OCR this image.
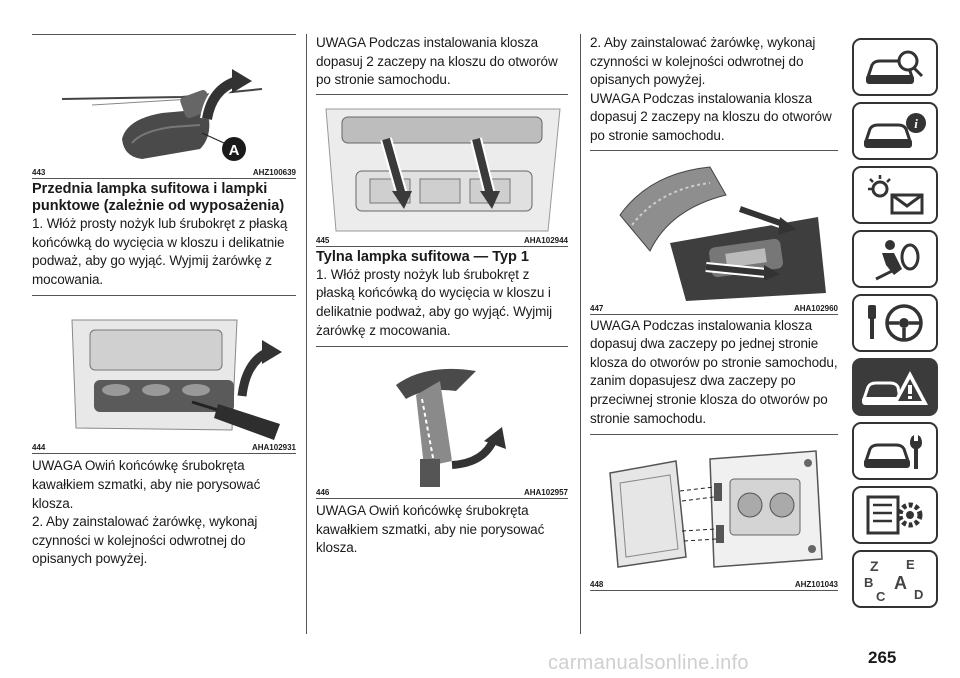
A
443	AHZ100639
Przednia lampka sufitowa i lampki punktowe (zależnie od wyposażenia)
1. Włóż prosty nożyk lub śrubokręt z płaską końcówką do wycięcia w kloszu i delikatnie podważ, aby go wyjąć. Wyjmij żarówkę z mocowania.
444	AHA102931
UWAGA Owiń końcówkę śrubokręta kawałkiem szmatki, aby nie porysować klosza.
2. Aby zainstalować żarówkę, wykonaj czynności w kolejności odwrotnej do opisanych powyżej.
UWAGA Podczas instalowania klosza dopasuj 2 zaczepy na kloszu do otworów po stronie samochodu.
445	AHA102944
Tylna lampka sufitowa — Typ 1
1. Włóż prosty nożyk lub śrubokręt z płaską końcówką do wycięcia w kloszu i delikatnie podważ, aby go wyjąć. Wyjmij żarówkę z mocowania.
446	AHA102957
UWAGA Owiń końcówkę śrubokręta kawałkiem szmatki, aby nie porysować klosza.
2. Aby zainstalować żarówkę, wykonaj czynności w kolejności odwrotnej do opisanych powyżej.
UWAGA Podczas instalowania klosza dopasuj 2 zaczepy na kloszu do otworów po stronie samochodu.
447	AHA102960
UWAGA Podczas instalowania klosza dopasuj dwa zaczepy po jednej stronie klosza do otworów po stronie samochodu, zanim dopasujesz dwa zaczepy po przeciwnej stronie klosza do otworów po stronie samochodu.
448	AHZ101043
i
Z E
B A
C D
carmanualsonline.info	265
